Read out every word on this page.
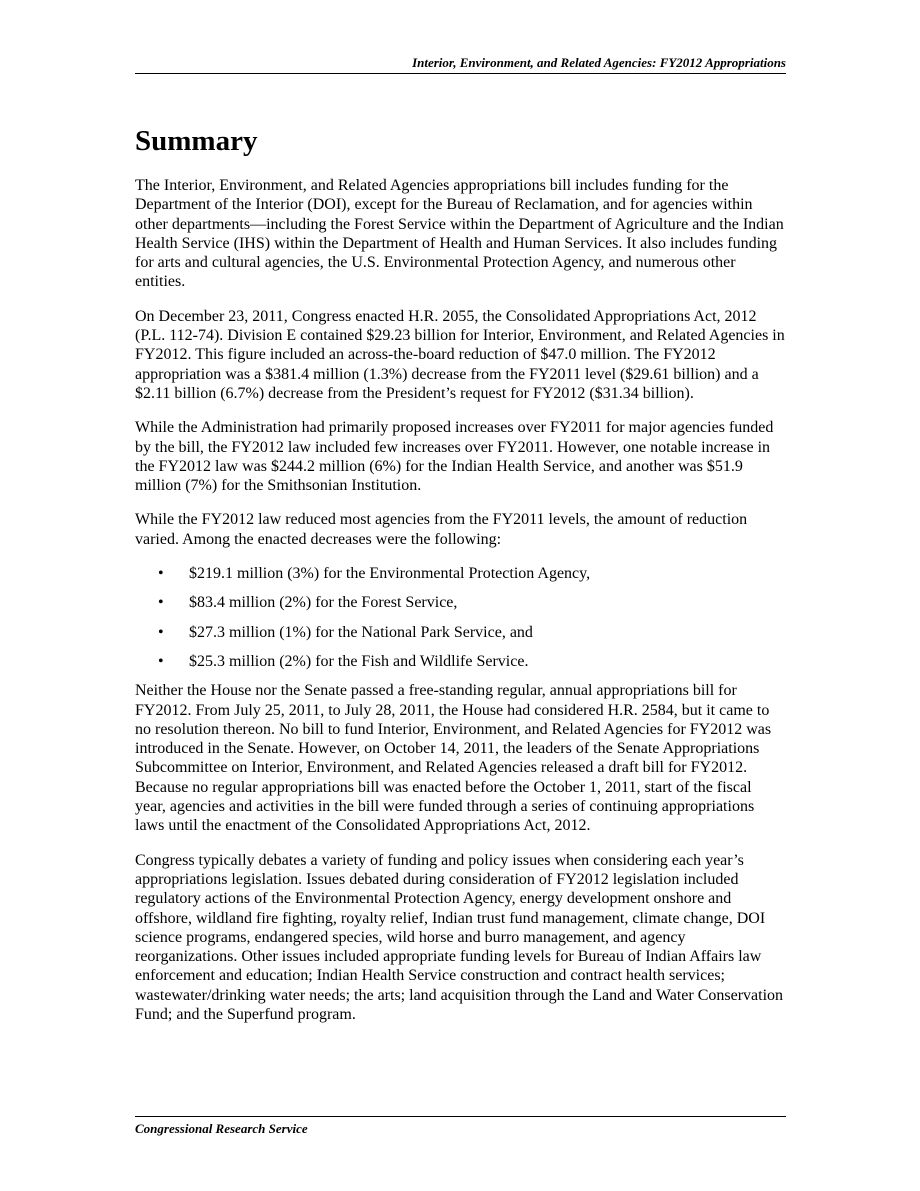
Interior, Environment, and Related Agencies: FY2012 Appropriations
Summary

The Interior, Environment, and Related Agencies appropriations bill includes funding for the Department of the Interior (DOI), except for the Bureau of Reclamation, and for agencies within other departments—including the Forest Service within the Department of Agriculture and the Indian Health Service (IHS) within the Department of Health and Human Services. It also includes funding for arts and cultural agencies, the U.S. Environmental Protection Agency, and numerous other entities.

On December 23, 2011, Congress enacted H.R. 2055, the Consolidated Appropriations Act, 2012 (P.L. 112-74). Division E contained $29.23 billion for Interior, Environment, and Related Agencies in FY2012. This figure included an across-the-board reduction of $47.0 million. The FY2012 appropriation was a $381.4 million (1.3%) decrease from the FY2011 level ($29.61 billion) and a $2.11 billion (6.7%) decrease from the President’s request for FY2012 ($31.34 billion).

While the Administration had primarily proposed increases over FY2011 for major agencies funded by the bill, the FY2012 law included few increases over FY2011. However, one notable increase in the FY2012 law was $244.2 million (6%) for the Indian Health Service, and another was $51.9 million (7%) for the Smithsonian Institution.

While the FY2012 law reduced most agencies from the FY2011 levels, the amount of reduction varied. Among the enacted decreases were the following:

• $219.1 million (3%) for the Environmental Protection Agency,
• $83.4 million (2%) for the Forest Service,
• $27.3 million (1%) for the National Park Service, and
• $25.3 million (2%) for the Fish and Wildlife Service.

Neither the House nor the Senate passed a free-standing regular, annual appropriations bill for FY2012. From July 25, 2011, to July 28, 2011, the House had considered H.R. 2584, but it came to no resolution thereon. No bill to fund Interior, Environment, and Related Agencies for FY2012 was introduced in the Senate. However, on October 14, 2011, the leaders of the Senate Appropriations Subcommittee on Interior, Environment, and Related Agencies released a draft bill for FY2012. Because no regular appropriations bill was enacted before the October 1, 2011, start of the fiscal year, agencies and activities in the bill were funded through a series of continuing appropriations laws until the enactment of the Consolidated Appropriations Act, 2012.

Congress typically debates a variety of funding and policy issues when considering each year’s appropriations legislation. Issues debated during consideration of FY2012 legislation included regulatory actions of the Environmental Protection Agency, energy development onshore and offshore, wildland fire fighting, royalty relief, Indian trust fund management, climate change, DOI science programs, endangered species, wild horse and burro management, and agency reorganizations. Other issues included appropriate funding levels for Bureau of Indian Affairs law enforcement and education; Indian Health Service construction and contract health services; wastewater/drinking water needs; the arts; land acquisition through the Land and Water Conservation Fund; and the Superfund program.

Congressional Research Service
